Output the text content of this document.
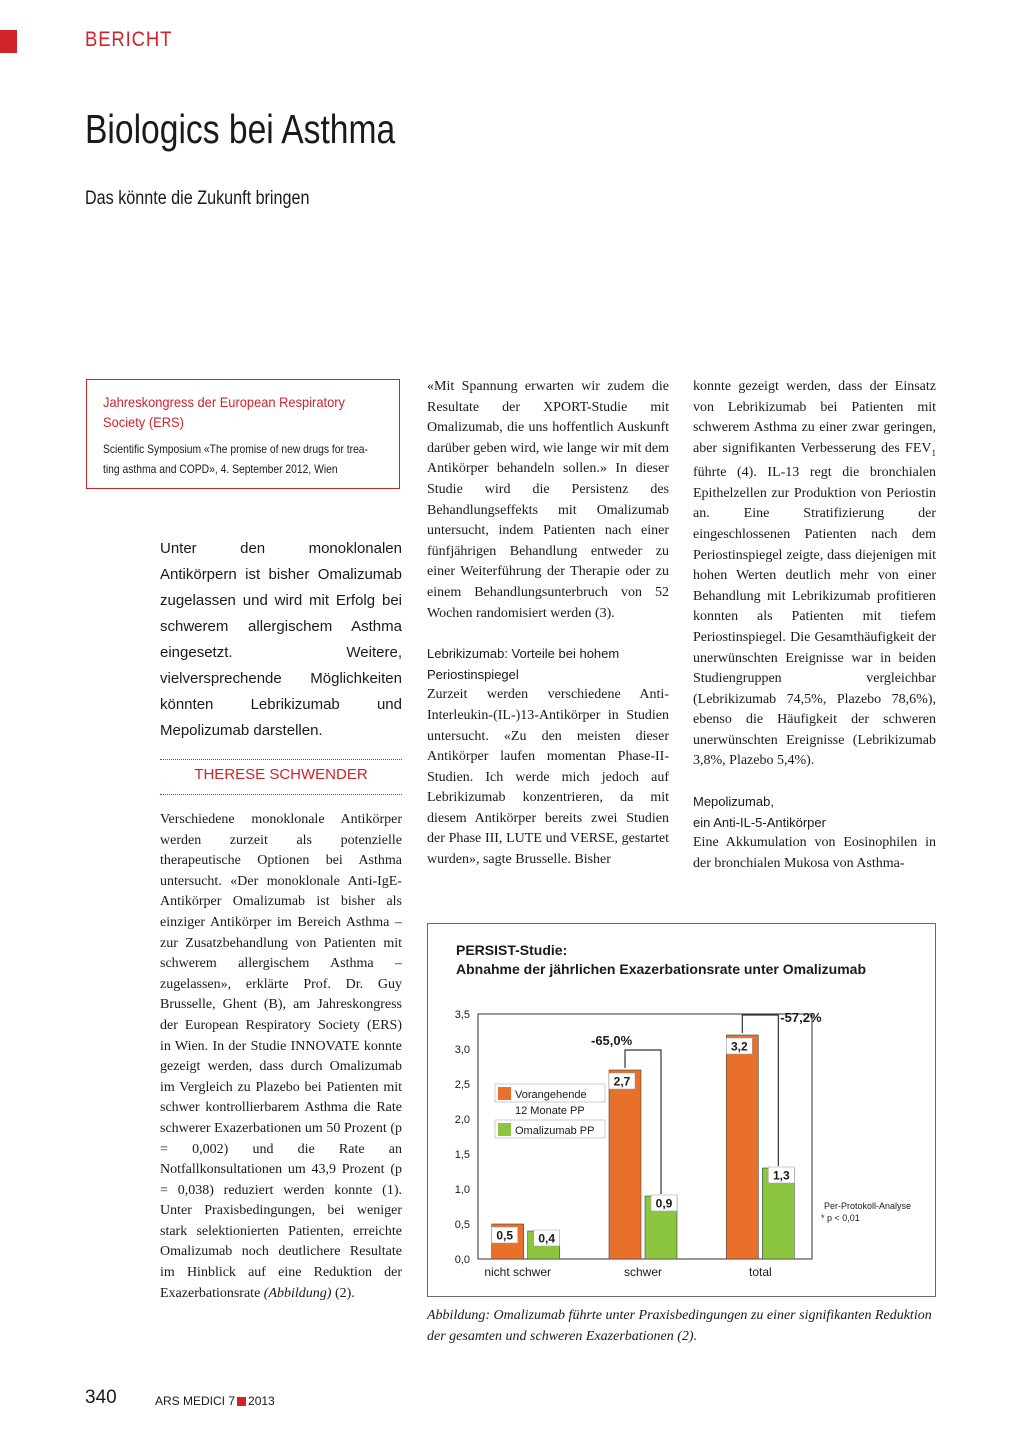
BERICHT
Biologics bei Asthma
Das könnte die Zukunft bringen
Jahreskongress der European Respiratory
Society (ERS)
Scientific Symposium «The promise of new drugs for trea-
ting asthma and COPD», 4. September 2012, Wien
Unter den monoklonalen Antikörpern ist bisher Omalizumab zugelassen und wird mit Erfolg bei schwerem allergischem Asthma eingesetzt. Weitere, vielversprechende Möglichkeiten könnten Lebrikizumab und Mepolizumab darstellen.
THERESE SCHWENDER

Verschiedene monoklonale Antikörper werden zurzeit als potenzielle therapeutische Optionen bei Asthma untersucht. «Der monoklonale Anti-IgE-Antikörper Omalizumab ist bisher als einziger Antikörper im Bereich Asthma – zur Zusatzbehandlung von Patienten mit schwerem allergischem Asthma – zugelassen», erklärte Prof. Dr. Guy Brusselle, Ghent (B), am Jahreskongress der European Respiratory Society (ERS) in Wien. In der Studie INNOVATE konnte gezeigt werden, dass durch Omalizumab im Vergleich zu Plazebo bei Patienten mit schwer kontrollierbarem Asthma die Rate schwerer Exazerbationen um 50 Prozent (p = 0,002) und die Rate an Notfallkonsultationen um 43,9 Prozent (p = 0,038) reduziert werden konnte (1). Unter Praxisbedingungen, bei weniger stark selektionierten Patienten, erreichte Omalizumab noch deutlichere Resultate im Hinblick auf eine Reduktion der Exazerbationsrate (Abbildung) (2).

«Mit Spannung erwarten wir zudem die Resultate der XPORT-Studie mit Omalizumab, die uns hoffentlich Auskunft darüber geben wird, wie lange wir mit dem Antikörper behandeln sollen.» In dieser Studie wird die Persistenz des Behandlungseffekts mit Omalizumab untersucht, indem Patienten nach einer fünfjährigen Behandlung entweder zu einer Weiterführung der Therapie oder zu einem Behandlungsunterbruch von 52 Wochen randomisiert werden (3).

Lebrikizumab: Vorteile bei hohem
Periostinspiegel

Zurzeit werden verschiedene Anti-Interleukin-(IL-)13-Antikörper in Studien untersucht. «Zu den meisten dieser Antikörper laufen momentan Phase-II-Studien. Ich werde mich jedoch auf Lebrikizumab konzentrieren, da mit diesem Antikörper bereits zwei Studien der Phase III, LUTE und VERSE, gestartet wurden», sagte Brusselle. Bisher

konnte gezeigt werden, dass der Einsatz von Lebrikizumab bei Patienten mit schwerem Asthma zu einer zwar geringen, aber signifikanten Verbesserung des $FEV_1$ führte (4). IL-13 regt die bronchialen Epithelzellen zur Produktion von Periostin an. Eine Stratifizierung der eingeschlossenen Patienten nach dem Periostinspiegel zeigte, dass diejenigen mit hohen Werten deutlich mehr von einer Behandlung mit Lebrikizumab profitieren konnten als Patienten mit tiefem Periostinspiegel. Die Gesamthäufigkeit der unerwünschten Ereignisse war in beiden Studiengruppen vergleichbar (Lebrikizumab 74,5%, Plazebo 78,6%), ebenso die Häufigkeit der schweren unerwünschten Ereignisse (Lebrikizumab 3,8%, Plazebo 5,4%).

Mepolizumab,
ein Anti-IL-5-Antikörper

Eine Akkumulation von Eosinophilen in der bronchialen Mukosa von Asthma-

PERSIST-Studie:
Abnahme der jährlichen Exazerbationsrate unter Omalizumab
0,0
0,5
1,0
1,5
2,0
2,5
3,0
3,5
0,5 0,4
nicht schwer
2,7
0,9
schwer
3,2
1,3
total
-65,0%
-57,2%
Vorangehende
12 Monate PP
Omalizumab PP
Per-Protokoll-Analyse
* p < 0,01
Abbildung: Omalizumab führte unter Praxisbedingungen zu einer signifikanten Reduktion der gesamten und schweren Exazerbationen (2).
340	ARS MEDICI 7 2013
